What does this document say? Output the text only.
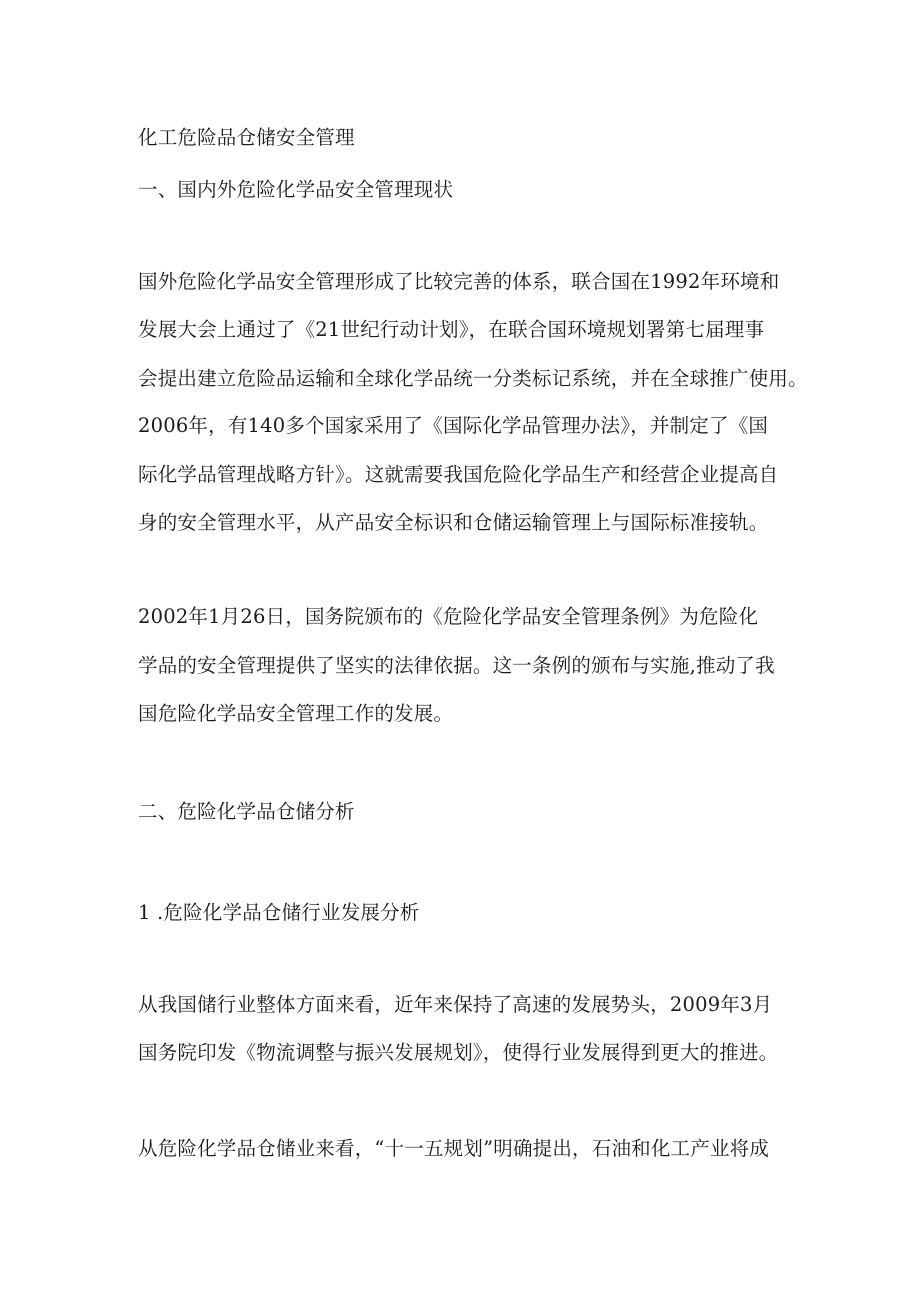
化工危险品仓储安全管理
一、国内外危险化学品安全管理现状
国外危险化学品安全管理形成了比较完善的体系，联合国在1992年环境和
发展大会上通过了《21世纪行动计划》，在联合国环境规划署第七届理事
会提出建立危险品运输和全球化学品统一分类标记系统，并在全球推广使用。
2006年，有140多个国家采用了《国际化学品管理办法》，并制定了《国
际化学品管理战略方针》。这就需要我国危险化学品生产和经营企业提高自
身的安全管理水平，从产品安全标识和仓储运输管理上与国际标准接轨。
2002年1月26日，国务院颁布的《危险化学品安全管理条例》为危险化
学品的安全管理提供了坚实的法律依据。这一条例的颁布与实施,推动了我
国危险化学品安全管理工作的发展。
二、危险化学品仓储分析
1 .危险化学品仓储行业发展分析
从我国储行业整体方面来看，近年来保持了高速的发展势头，2009年3月
国务院印发《物流调整与振兴发展规划》，使得行业发展得到更大的推进。
从危险化学品仓储业来看，“十一五规划”明确提出，石油和化工产业将成
